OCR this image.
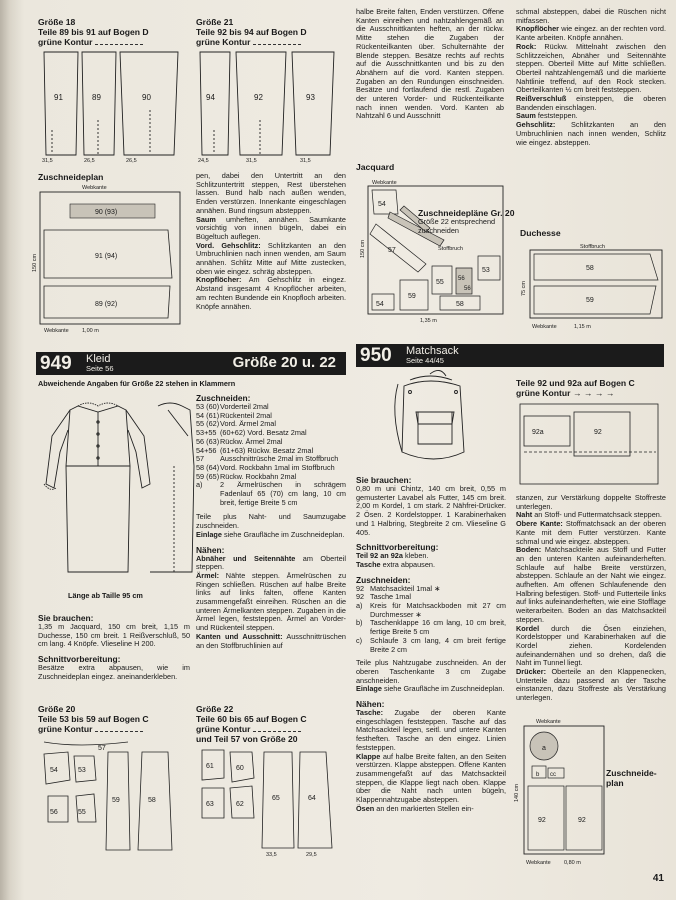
Größe 18
Teile 89 bis 91 auf Bogen D
grüne Kontur
91	89	90
31,5	26,5	26,5
Zuschneideplan
Webkante
90 (93)
91 (94)
89 (92)
150 cm
Webkante 1,00 m
Größe 21
Teile 92 bis 94 auf Bogen D
grüne Kontur
94	92	93
24,5	31,5	31,5

pen, dabei den Untertritt an den Schlitzuntertritt steppen, Rest überstehen lassen. Bund halb nach außen wenden, Enden verstürzen. Innenkante eingeschlagen annähen. Bund ringsum absteppen.

Saum umheften, annähen. Saumkante vorsichtig von innen bügeln, dabei ein Bügeltuch auflegen.

Vord. Gehschlitz: Schlitzkanten an den Umbruchlinien nach innen wenden, am Saum annähen. Schlitz Mitte auf Mitte zustecken, oben wie eingez. schräg absteppen.

Knopflöcher: Am Gehschlitz in eingez. Abstand insgesamt 4 Knopflöcher arbeiten, am rechten Bundende ein Knopfloch arbeiten. Knöpfe annähen.

halbe Breite falten, Enden verstürzen. Offene Kanten einreihen und nahtzahlengemäß an die Ausschnittkanten heften, an der rückw. Mitte stehen die Zugaben der Rückenteilkanten über. Schulternähte der Blende steppen. Besätze rechts auf rechts auf die Ausschnittkanten und bis zu den Abnähern auf die vord. Kanten steppen. Zugaben an den Rundungen einschneiden. Besätze und fortlaufend die restl. Zugaben der unteren Vorder- und Rückenteilkante nach innen wenden. Vord. Kanten ab Nahtzahl 6 und Ausschnitt

schmal absteppen, dabei die Rüschen nicht mitfassen.

Knopflöcher wie eingez. an der rechten vord. Kante arbeiten. Knöpfe annähen.

Rock: Rückw. Mittelnaht zwischen den Schlitzzeichen, Abnäher und Seitennähte steppen. Oberteil Mitte auf Mitte schließen. Oberteil nahtzahlengemäß und die markierte Nahtlinie treffend, auf den Rock stecken. Oberteilkanten ½ cm breit feststeppen.

Reißverschluß einsteppen, die oberen Bandenden einschlagen.

Saum feststeppen.

Gehschlitz: Schlitzkanten an den Umbruchlinien nach innen wenden, Schlitz wie eingez. absteppen.

Jacquard
Webkante
Stoffbruch
54
57
55 56
53
58
59
54
56
150 cm
1,35 m
Zuschneidepläne Gr. 20
Größe 22 entsprechend zuschneiden	Duchesse
Stoffbruch
58
59
75 cm
Webkante	1,15 m
949 Kleid
Seite 56	Größe 20 u. 22
Abweichende Angaben für Größe 22 stehen in Klammern
Länge ab Taille 95 cm
Sie brauchen:

1,35 m Jacquard, 150 cm breit, 1,15 m Duchesse, 150 cm breit. 1 Reißverschluß, 50 cm lang. 4 Knöpfe. Vlieseline H 200.

Schnittvorbereitung:

Besätze extra abpausen, wie im Zuschneideplan eingez. aneinanderkleben.

Größe 20
Teile 53 bis 59 auf Bogen C
grüne Kontur
57
54	53
55
56
59	58
Zuschneiden:
53 (60) Vorderteil 2mal
54 (61) Rückenteil 2mal
55 (62) Vord. Ärmel 2mal
53+55 (60+62) Vord. Besatz 2mal
56 (63) Rückw. Ärmel 2mal
54+56 (61+63) Rückw. Besatz 2mal
57	Ausschnittrüsche 2mal im Stoffbruch
58 (64) Vord. Rockbahn 1mal im Stoffbruch
59 (65) Rückw. Rockbahn 2mal
a)	2 Ärmelrüschen in schrägem Fadenlauf 65 (70) cm lang, 10 cm breit, fertige Breite 5 cm

Teile plus Naht- und Saumzugabe zuschneiden.

Einlage siehe Graufläche im Zuschneideplan.

Nähen:

Abnäher und Seitennähte am Oberteil steppen.

Ärmel: Nähte steppen. Ärmelrüschen zu Ringen schließen. Rüschen auf halbe Breite links auf links falten, offene Kanten zusammengefaßt einreihen. Rüschen an die unteren Ärmelkanten steppen. Zugaben in die Ärmel legen, feststeppen. Ärmel an Vorder- und Rückenteil steppen.

Kanten und Ausschnitt: Ausschnittrüschen an den Stoffbruchlinien auf

Größe 22
Teile 60 bis 65 auf Bogen C
grüne Kontur
und Teil 57 von Größe 20
61	60
63	62
65	64
33,5	29,5
950 Matchsack
Seite 44/45
Sie brauchen:

0,80 m uni Chintz, 140 cm breit, 0,55 m gemusterter Lavabel als Futter, 145 cm breit. 2,00 m Kordel, 1 cm stark. 2 Nähfrei-Drücker. 2 Ösen. 2 Kordelstopper. 1 Karabinerhaken und 1 Halbring, Stegbreite 2 cm. Vlieseline G 405.

Schnittvorbereitung:

Teil 92 an 92a kleben.

Tasche extra abpausen.

Zuschneiden:
92 Matchsackteil 1mal ∗
92 Tasche 1mal
a)	Kreis für Matchsackboden mit 27 cm Durchmesser ∗
b)	Taschenklappe 16 cm lang, 10 cm breit, fertige Breite 5 cm
c)	Schlaufe 3 cm lang, 4 cm breit fertige Breite 2 cm

Teile plus Nahtzugabe zuschneiden. An der oberen Taschenkante 3 cm Zugabe anschneiden.

Einlage siehe Graufläche im Zuschneideplan.

Nähen:

Tasche: Zugabe der oberen Kante eingeschlagen feststeppen. Tasche auf das Matchsackteil legen, seitl. und untere Kanten festheften. Tasche an den eingez. Linien feststeppen.

Klappe auf halbe Breite falten, an den Seiten verstürzen. Klappe absteppen. Offene Kanten zusammengefaßt auf das Matchsackteil steppen, die Klappe liegt nach oben. Klappe über die Naht nach unten bügeln, Klappennahtzugabe absteppen.

Ösen an den markierten Stellen ein-

Teile 92 und 92a auf Bogen C
grüne Kontur → → → →
92a	92

stanzen, zur Verstärkung doppelte Stoffreste unterlegen.

Naht an Stoff- und Futtermatchsack steppen.

Obere Kante: Stoffmatchsack an der oberen Kante mit dem Futter verstürzen. Kante schmal und wie eingez. absteppen.

Boden: Matchsackteile aus Stoff und Futter an den unteren Kanten aufeinanderheften. Schlaufe auf halbe Breite verstürzen, absteppen. Schlaufe an der Naht wie eingez. aufheften. Am offenen Schlaufenende den Halbring befestigen. Stoff- und Futterteile links auf links aufeinanderheften, wie eine Stofflage weiterarbeiten. Boden an das Matchsackteil steppen.

Kordel durch die Ösen einziehen, Kordelstopper und Karabinerhaken auf die Kordel ziehen. Kordelenden aufeinandernähen und so drehen, daß die Naht im Tunnel liegt.

Drücker: Oberteile an den Klappenecken, Unterteile dazu passend an der Tasche einstanzen, dazu Stoffreste als Verstärkung unterlegen.

Webkante
a
b cc
92	92
140 cm
Webkante 0,80 m
Zuschneide-plan
41
